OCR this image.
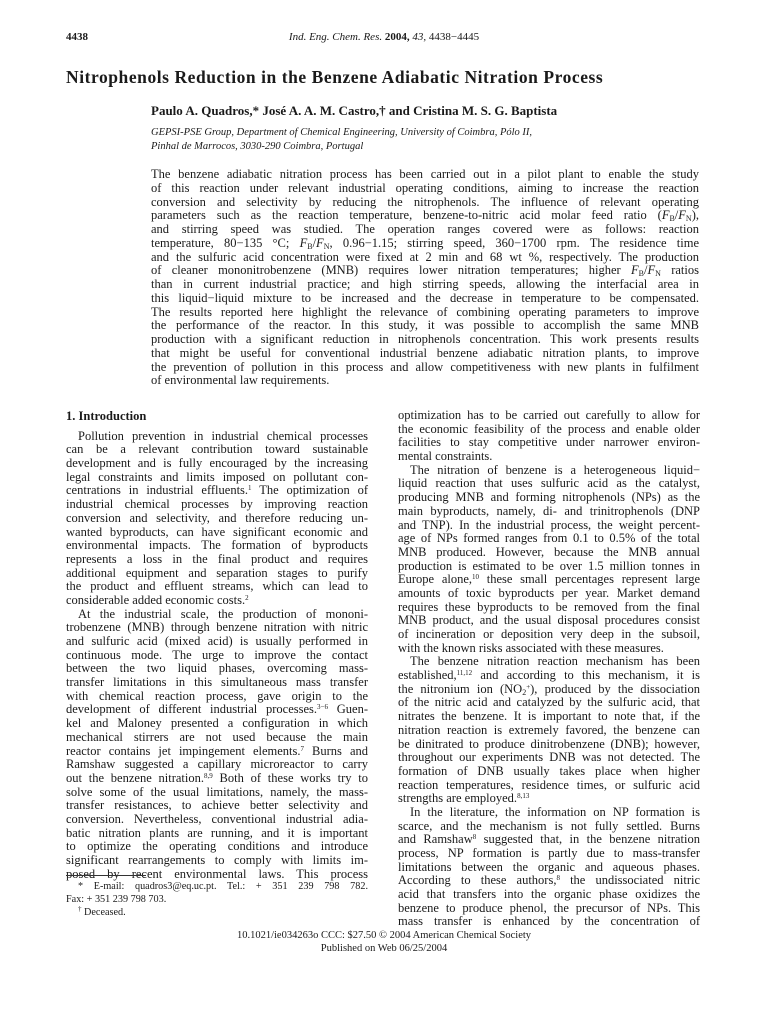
4438	Ind. Eng. Chem. Res. 2004, 43, 4438−4445
Nitrophenols Reduction in the Benzene Adiabatic Nitration Process
Paulo A. Quadros,* José A. A. M. Castro,† and Cristina M. S. G. Baptista
GEPSI-PSE Group, Department of Chemical Engineering, University of Coimbra, Pólo II,
Pinhal de Marrocos, 3030-290 Coimbra, Portugal
The benzene adiabatic nitration process has been carried out in a pilot plant to enable the study
of this reaction under relevant industrial operating conditions, aiming to increase the reaction
conversion and selectivity by reducing the nitrophenols. The influence of relevant operating
parameters such as the reaction temperature, benzene-to-nitric acid molar feed ratio $(F_B/F_N)$,
and stirring speed was studied. The operation ranges covered were as follows: reaction
temperature, 80−135 °C; $F_B/F_N$, 0.96−1.15; stirring speed, 360−1700 rpm. The residence time
and the sulfuric acid concentration were fixed at 2 min and 68 wt %, respectively. The production
of cleaner mononitrobenzene (MNB) requires lower nitration temperatures; higher $F_B/F_N$ ratios
than in current industrial practice; and high stirring speeds, allowing the interfacial area in
this liquid−liquid mixture to be increased and the decrease in temperature to be compensated.
The results reported here highlight the relevance of combining operating parameters to improve
the performance of the reactor. In this study, it was possible to accomplish the same MNB
production with a significant reduction in nitrophenols concentration. This work presents results
that might be useful for conventional industrial benzene adiabatic nitration plants, to improve
the prevention of pollution in this process and allow competitiveness with new plants in fulfilment
of environmental law requirements.
1. Introduction
Pollution prevention in industrial chemical processes
can be a relevant contribution toward sustainable
development and is fully encouraged by the increasing
legal constraints and limits imposed on pollutant con-
centrations in industrial effluents.$^1$ The optimization of
industrial chemical processes by improving reaction
conversion and selectivity, and therefore reducing un-
wanted byproducts, can have significant economic and
environmental impacts. The formation of byproducts
represents a loss in the final product and requires
additional equipment and separation stages to purify
the product and effluent streams, which can lead to
considerable added economic costs.$^2$
At the industrial scale, the production of mononi-
trobenzene (MNB) through benzene nitration with nitric
and sulfuric acid (mixed acid) is usually performed in
continuous mode. The urge to improve the contact
between the two liquid phases, overcoming mass-
transfer limitations in this simultaneous mass transfer
with chemical reaction process, gave origin to the
development of different industrial processes.$^{3-6}$ Guen-
kel and Maloney presented a configuration in which
mechanical stirrers are not used because the main
reactor contains jet impingement elements.$^7$ Burns and
Ramshaw suggested a capillary microreactor to carry
out the benzene nitration.$^{8,9}$ Both of these works try to
solve some of the usual limitations, namely, the mass-
transfer resistances, to achieve better selectivity and
conversion. Nevertheless, conventional industrial adia-
batic nitration plants are running, and it is important
to optimize the operating conditions and introduce
significant rearrangements to comply with limits im-
posed by recent environmental laws. This process
optimization has to be carried out carefully to allow for
the economic feasibility of the process and enable older
facilities to stay competitive under narrower environ-
mental constraints.
The nitration of benzene is a heterogeneous liquid−
liquid reaction that uses sulfuric acid as the catalyst,
producing MNB and forming nitrophenols (NPs) as the
main byproducts, namely, di- and trinitrophenols (DNP
and TNP). In the industrial process, the weight percent-
age of NPs formed ranges from 0.1 to 0.5% of the total
MNB produced. However, because the MNB annual
production is estimated to be over 1.5 million tonnes in
Europe alone,$^{10}$ these small percentages represent large
amounts of toxic byproducts per year. Market demand
requires these byproducts to be removed from the final
MNB product, and the usual disposal procedures consist
of incineration or deposition very deep in the subsoil,
with the known risks associated with these measures.
The benzene nitration reaction mechanism has been
established,$^{11,12}$ and according to this mechanism, it is
the nitronium ion $(NO_2^+)$, produced by the dissociation
of the nitric acid and catalyzed by the sulfuric acid, that
nitrates the benzene. It is important to note that, if the
nitration reaction is extremely favored, the benzene can
be dinitrated to produce dinitrobenzene (DNB); however,
throughout our experiments DNB was not detected. The
formation of DNB usually takes place when higher
reaction temperatures, residence times, or sulfuric acid
strengths are employed.$^{8,13}$
In the literature, the information on NP formation is
scarce, and the mechanism is not fully settled. Burns
and Ramshaw$^8$ suggested that, in the benzene nitration
process, NP formation is partly due to mass-transfer
limitations between the organic and aqueous phases.
According to these authors,$^8$ the undissociated nitric
acid that transfers into the organic phase oxidizes the
benzene to produce phenol, the precursor of NPs. This
mass transfer is enhanced by the concentration of
* E-mail: quadros3@eq.uc.pt. Tel.: + 351 239 798 782.
Fax: + 351 239 798 703.
† Deceased.
10.1021/ie034263o CCC: $27.50 © 2004 American Chemical Society
Published on Web 06/25/2004
